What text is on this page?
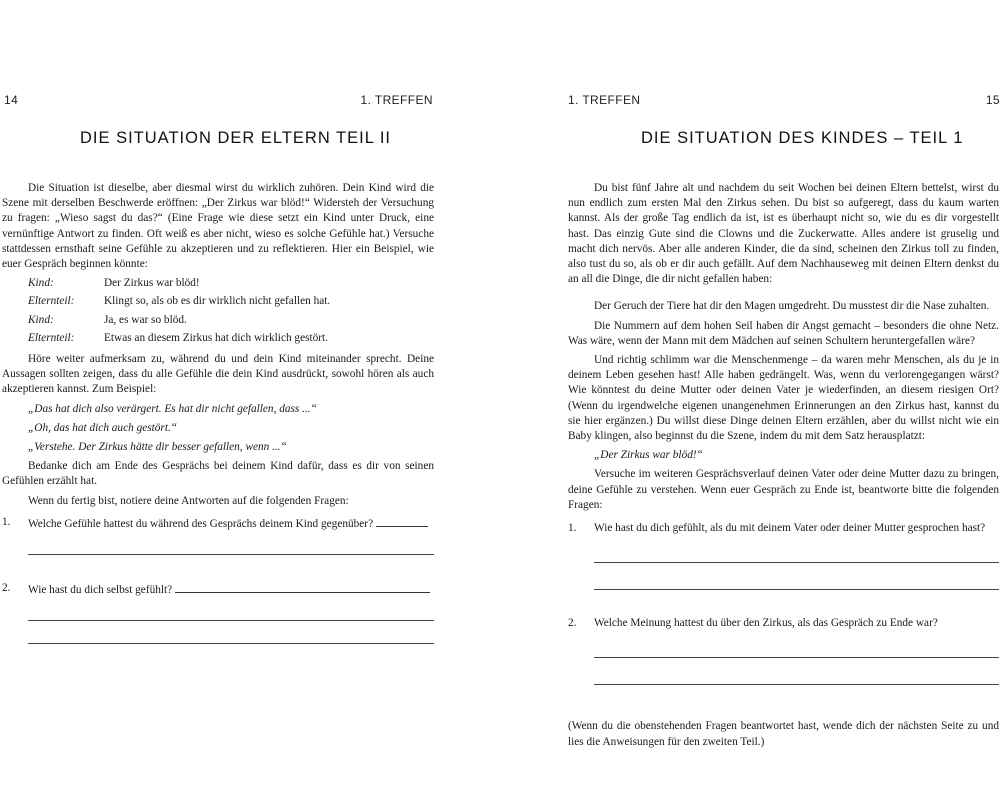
14	1. TREFFEN
DIE SITUATION DER ELTERN TEIL II

Die Situation ist dieselbe, aber diesmal wirst du wirklich zuhören. Dein Kind wird die Szene mit derselben Beschwerde eröffnen: „Der Zirkus war blöd!“ Widersteh der Versuchung zu fragen: „Wieso sagst du das?“ (Eine Frage wie diese setzt ein Kind unter Druck, eine vernünftige Antwort zu finden. Oft weiß es aber nicht, wieso es solche Gefühle hat.) Versuche stattdessen ernsthaft seine Gefühle zu akzeptieren und zu reflektieren. Hier ein Beispiel, wie euer Gespräch beginnen könnte:

Kind:	Der Zirkus war blöd!
Elternteil:	Klingt so, als ob es dir wirklich nicht gefallen hat.
Kind:	Ja, es war so blöd.
Elternteil:	Etwas an diesem Zirkus hat dich wirklich gestört.

Höre weiter aufmerksam zu, während du und dein Kind miteinander sprecht. Deine Aussagen sollten zeigen, dass du alle Gefühle die dein Kind ausdrückt, sowohl hören als auch akzeptieren kannst. Zum Beispiel:

„Das hat dich also verärgert. Es hat dir nicht gefallen, dass ...“
„Oh, das hat dich auch gestört.“
„Verstehe. Der Zirkus hätte dir besser gefallen, wenn ...“

Bedanke dich am Ende des Gesprächs bei deinem Kind dafür, dass es dir von seinen Gefühlen erzählt hat.

Wenn du fertig bist, notiere deine Antworten auf die folgenden Fragen:

1.	Welche Gefühle hattest du während des Gesprächs deinem Kind gegenüber?
2.	Wie hast du dich selbst gefühlt?
1. TREFFEN	15
DIE SITUATION DES KINDES – TEIL 1

Du bist fünf Jahre alt und nachdem du seit Wochen bei deinen Eltern bettelst, wirst du nun endlich zum ersten Mal den Zirkus sehen. Du bist so aufgeregt, dass du kaum warten kannst. Als der große Tag endlich da ist, ist es überhaupt nicht so, wie du es dir vorgestellt hast. Das einzig Gute sind die Clowns und die Zuckerwatte. Alles andere ist gruselig und macht dich nervös. Aber alle anderen Kinder, die da sind, scheinen den Zirkus toll zu finden, also tust du so, als ob er dir auch gefällt. Auf dem Nachhauseweg mit deinen Eltern denkst du an all die Dinge, die dir nicht gefallen haben:

Der Geruch der Tiere hat dir den Magen umgedreht. Du musstest dir die Nase zuhalten.

Die Nummern auf dem hohen Seil haben dir Angst gemacht – besonders die ohne Netz. Was wäre, wenn der Mann mit dem Mädchen auf seinen Schultern heruntergefallen wäre?

Und richtig schlimm war die Menschenmenge – da waren mehr Menschen, als du je in deinem Leben gesehen hast! Alle haben gedrängelt. Was, wenn du verlorengegangen wärst? Wie könntest du deine Mutter oder deinen Vater je wiederfinden, an diesem riesigen Ort? (Wenn du irgendwelche eigenen unangenehmen Erinnerungen an den Zirkus hast, kannst du sie hier ergänzen.) Du willst diese Dinge deinen Eltern erzählen, aber du willst nicht wie ein Baby klingen, also beginnst du die Szene, indem du mit dem Satz herausplatzt:

„Der Zirkus war blöd!“

Versuche im weiteren Gesprächsverlauf deinen Vater oder deine Mutter dazu zu bringen, deine Gefühle zu verstehen. Wenn euer Gespräch zu Ende ist, beantworte bitte die folgenden Fragen:

1.	Wie hast du dich gefühlt, als du mit deinem Vater oder deiner Mutter gesprochen hast?
2.	Welche Meinung hattest du über den Zirkus, als das Gespräch zu Ende war?

(Wenn du die obenstehenden Fragen beantwortet hast, wende dich der nächsten Seite zu und lies die Anweisungen für den zweiten Teil.)
